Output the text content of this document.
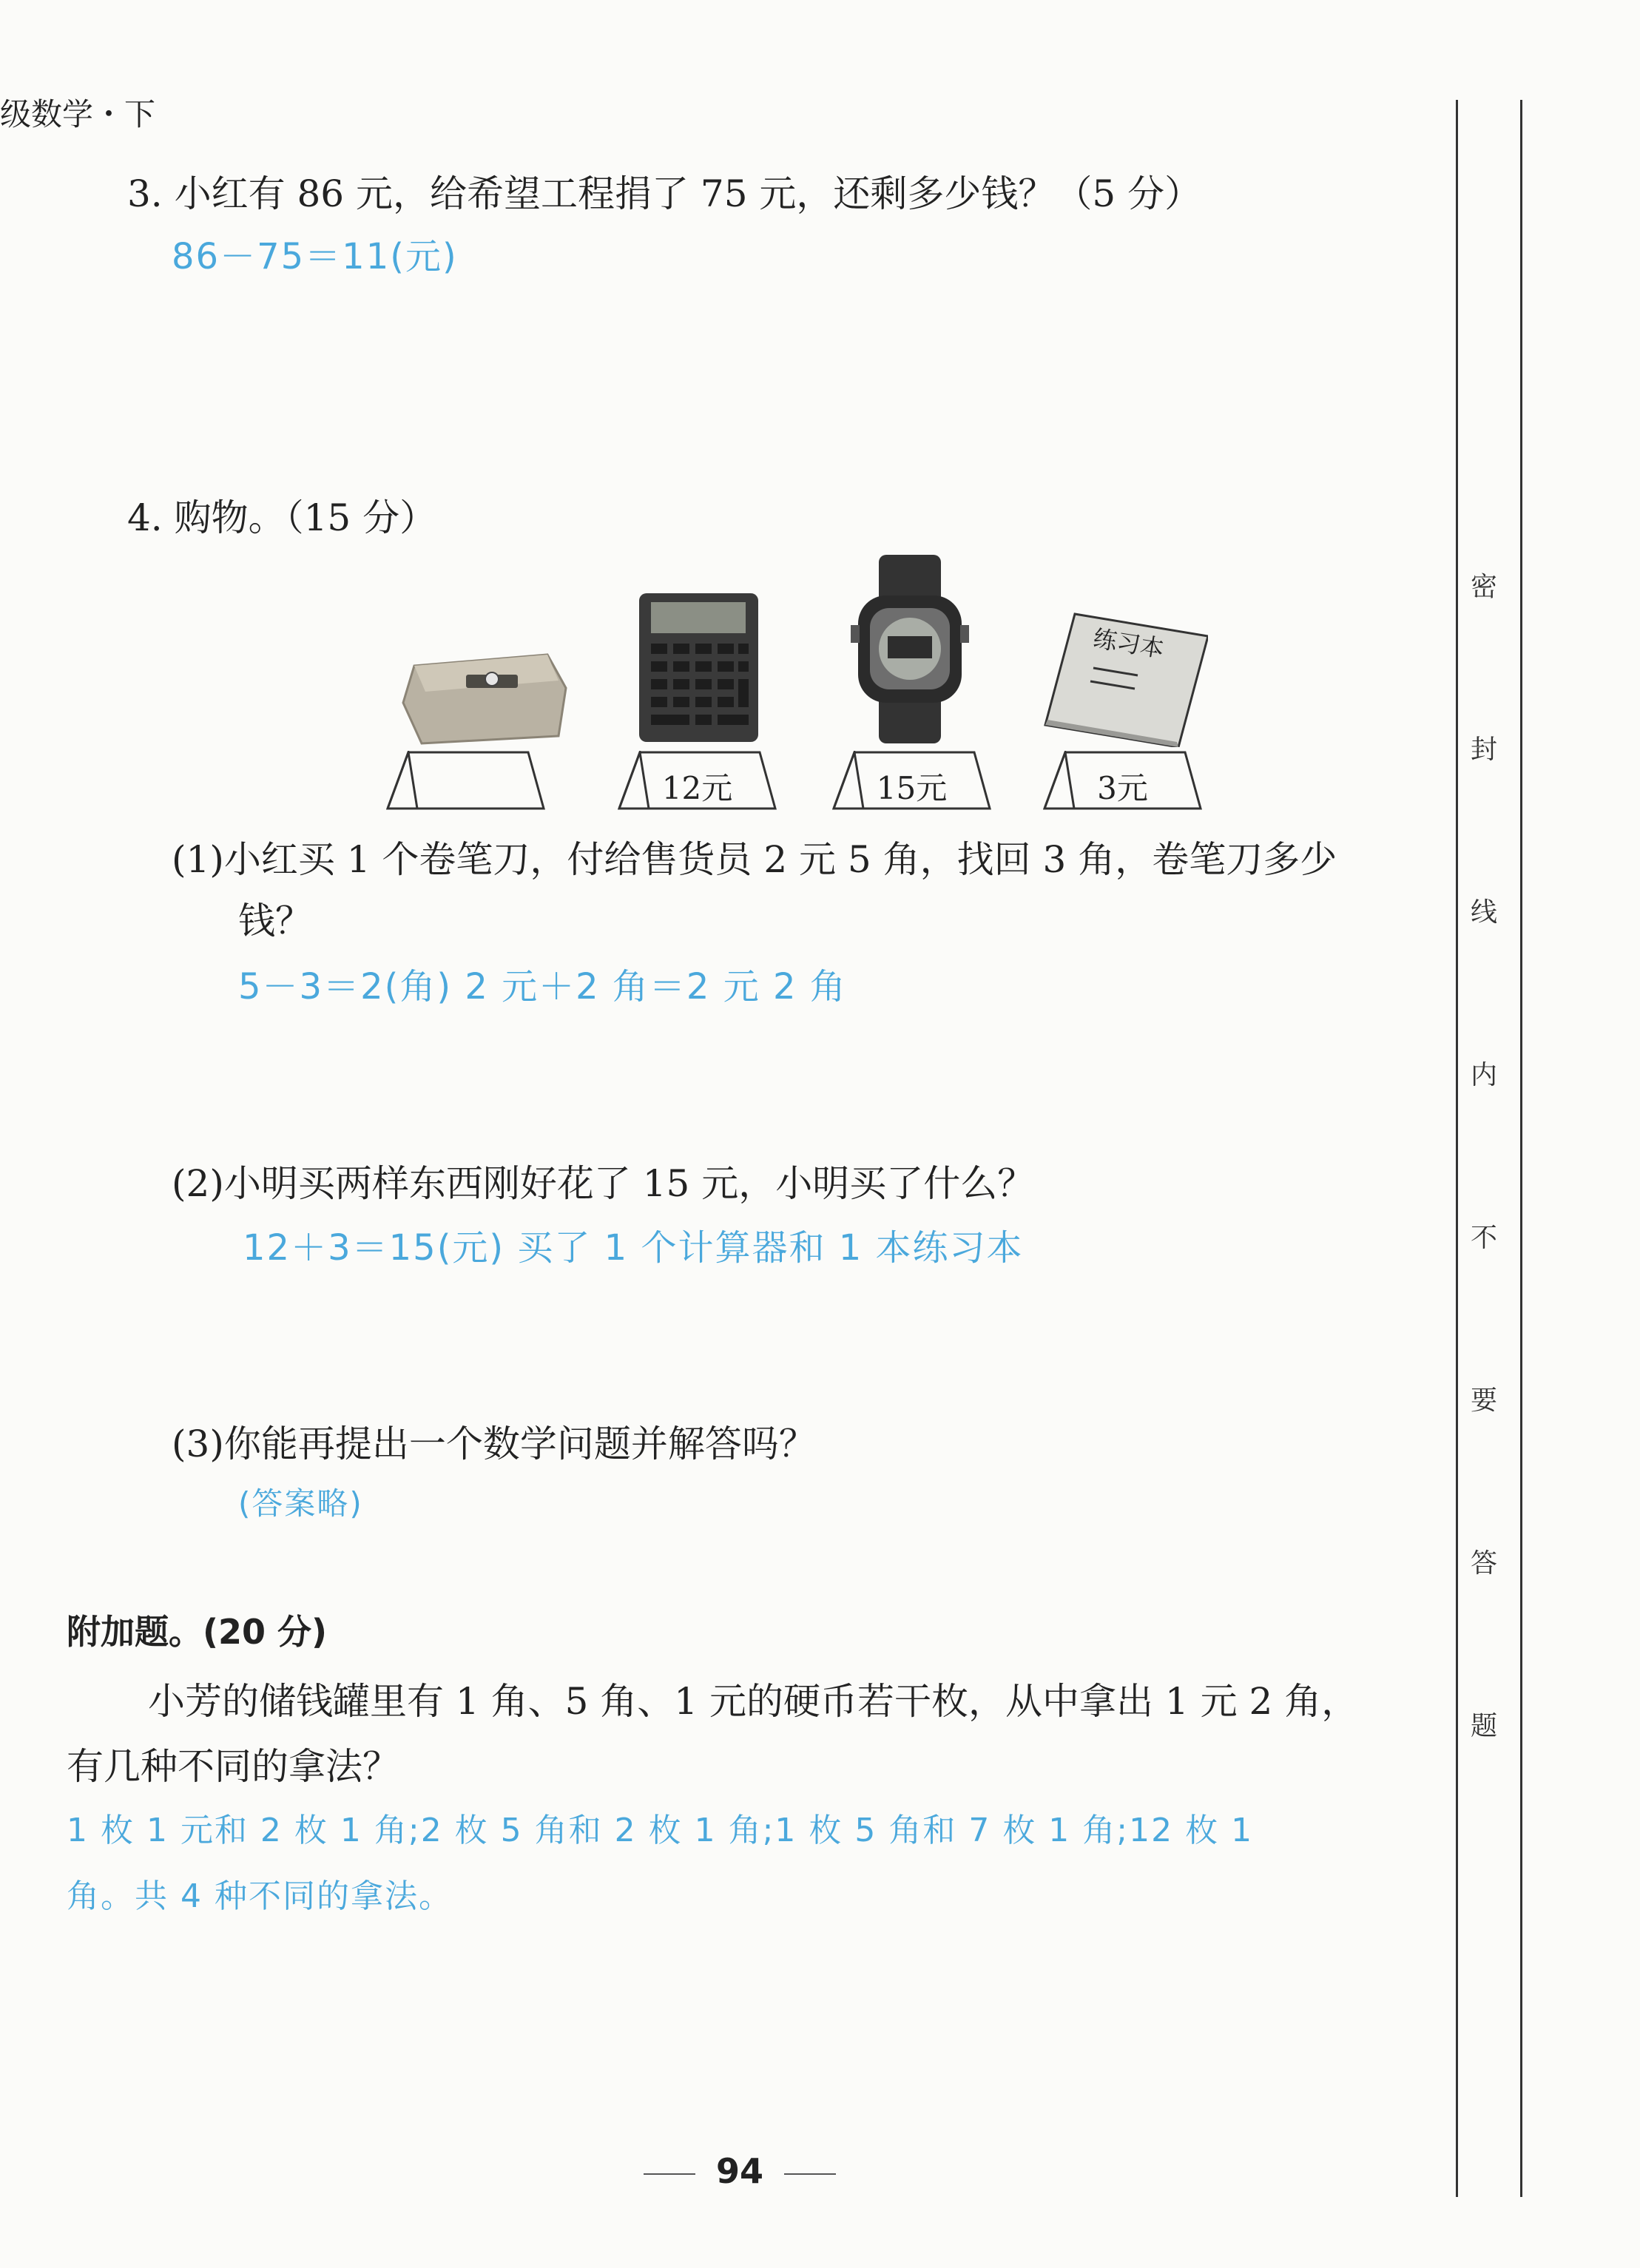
级数学・下
3. 小红有 86 元，给希望工程捐了 75 元，还剩多少钱？（5 分）
86－75＝11(元)
4. 购物。（15 分）
练习本
12元	15元	3元
(1)小红买 1 个卷笔刀，付给售货员 2 元 5 角，找回 3 角，卷笔刀多少
钱？
5－3＝2(角) 2 元＋2 角＝2 元 2 角
(2)小明买两样东西刚好花了 15 元，小明买了什么？
12＋3＝15(元) 买了 1 个计算器和 1 本练习本
(3)你能再提出一个数学问题并解答吗？
(答案略)
附加题。(20 分)
小芳的储钱罐里有 1 角、5 角、1 元的硬币若干枚，从中拿出 1 元 2 角，
有几种不同的拿法？
1 枚 1 元和 2 枚 1 角;2 枚 5 角和 2 枚 1 角;1 枚 5 角和 7 枚 1 角;12 枚 1
角。共 4 种不同的拿法。
密
封
线
内
不
要
答
题
94
